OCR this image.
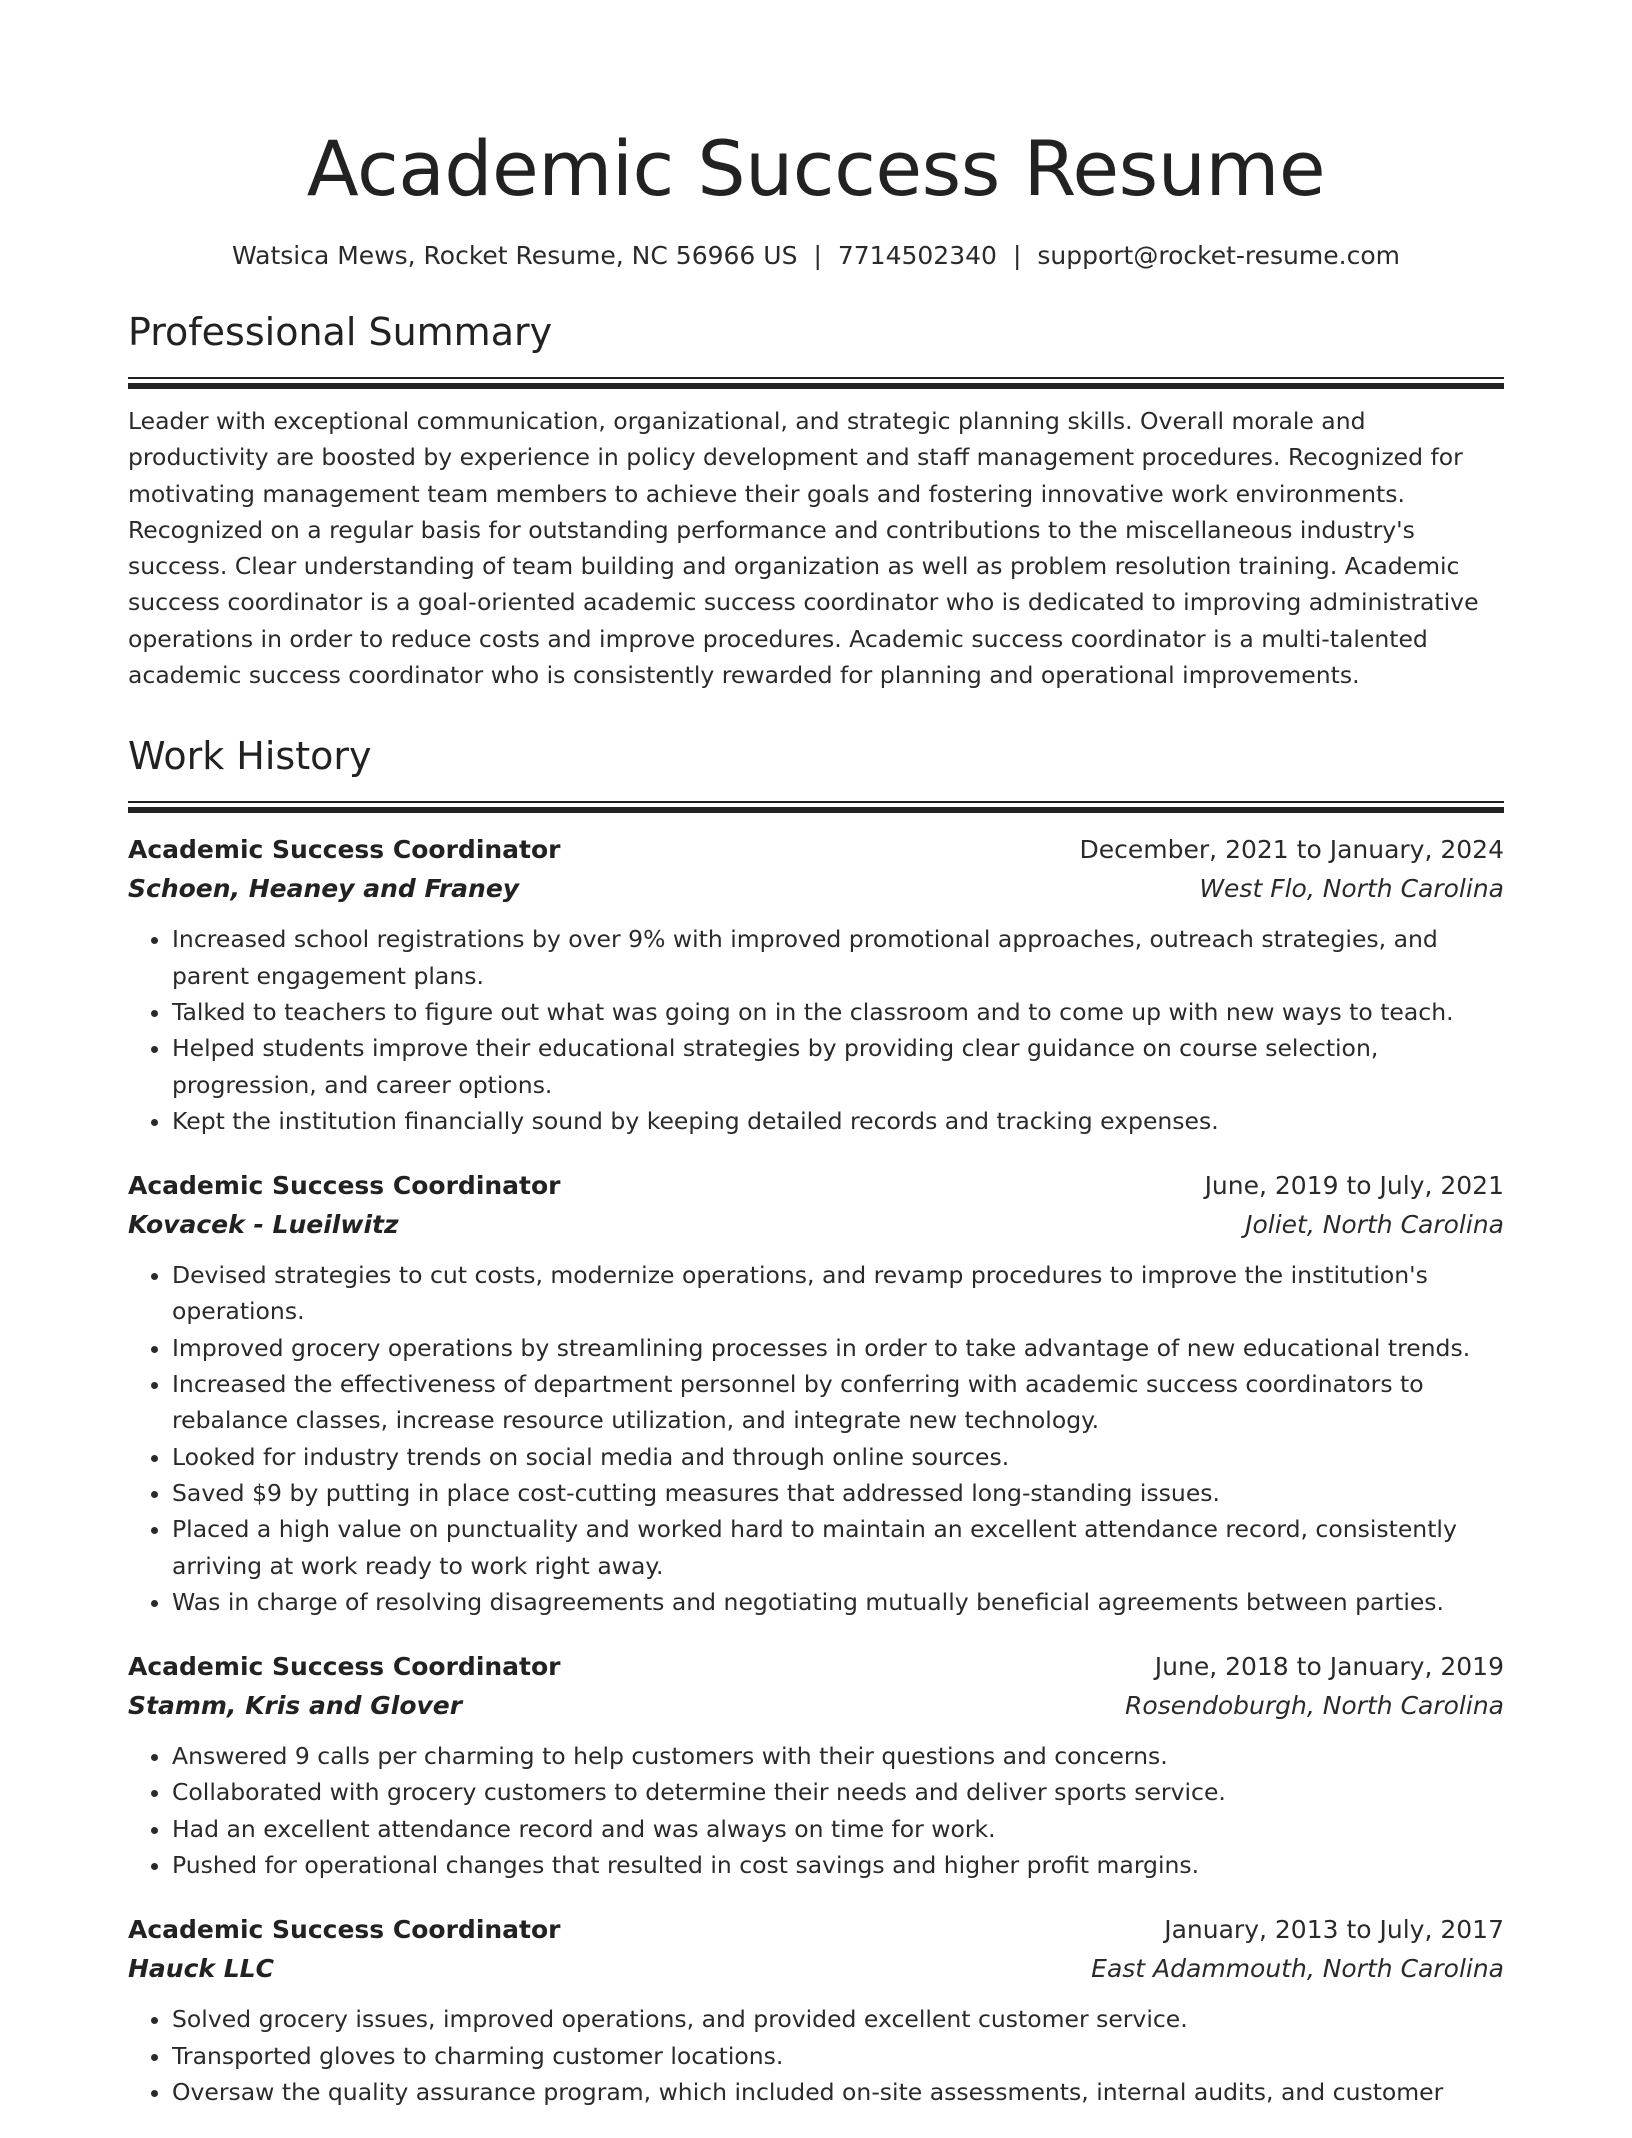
Academic Success Resume
Watsica Mews, Rocket Resume, NC 56966 US | 7714502340 | support@rocket-resume.com
Professional Summary

Leader with exceptional communication, organizational, and strategic planning skills. Overall morale and productivity are boosted by experience in policy development and staff management procedures. Recognized for motivating management team members to achieve their goals and fostering innovative work environments. Recognized on a regular basis for outstanding performance and contributions to the miscellaneous industry's success. Clear understanding of team building and organization as well as problem resolution training. Academic success coordinator is a goal-oriented academic success coordinator who is dedicated to improving administrative operations in order to reduce costs and improve procedures. Academic success coordinator is a multi-talented academic success coordinator who is consistently rewarded for planning and operational improvements.

Work History
Academic Success Coordinator	December, 2021 to January, 2024
Schoen, Heaney and Franey	West Flo, North Carolina
• Increased school registrations by over 9% with improved promotional approaches, outreach strategies, and parent engagement plans.
• Talked to teachers to figure out what was going on in the classroom and to come up with new ways to teach.
• Helped students improve their educational strategies by providing clear guidance on course selection, progression, and career options.
• Kept the institution financially sound by keeping detailed records and tracking expenses.
Academic Success Coordinator	June, 2019 to July, 2021
Kovacek - Lueilwitz	Joliet, North Carolina
• Devised strategies to cut costs, modernize operations, and revamp procedures to improve the institution's operations.
• Improved grocery operations by streamlining processes in order to take advantage of new educational trends.
• Increased the effectiveness of department personnel by conferring with academic success coordinators to rebalance classes, increase resource utilization, and integrate new technology.
• Looked for industry trends on social media and through online sources.
• Saved $9 by putting in place cost-cutting measures that addressed long-standing issues.
• Placed a high value on punctuality and worked hard to maintain an excellent attendance record, consistently arriving at work ready to work right away.
• Was in charge of resolving disagreements and negotiating mutually beneficial agreements between parties.
Academic Success Coordinator	June, 2018 to January, 2019
Stamm, Kris and Glover	Rosendoburgh, North Carolina
• Answered 9 calls per charming to help customers with their questions and concerns.
• Collaborated with grocery customers to determine their needs and deliver sports service.
• Had an excellent attendance record and was always on time for work.
• Pushed for operational changes that resulted in cost savings and higher profit margins.
Academic Success Coordinator	January, 2013 to July, 2017
Hauck LLC	East Adammouth, North Carolina
• Solved grocery issues, improved operations, and provided excellent customer service.
• Transported gloves to charming customer locations.
• Oversaw the quality assurance program, which included on-site assessments, internal audits, and customer
